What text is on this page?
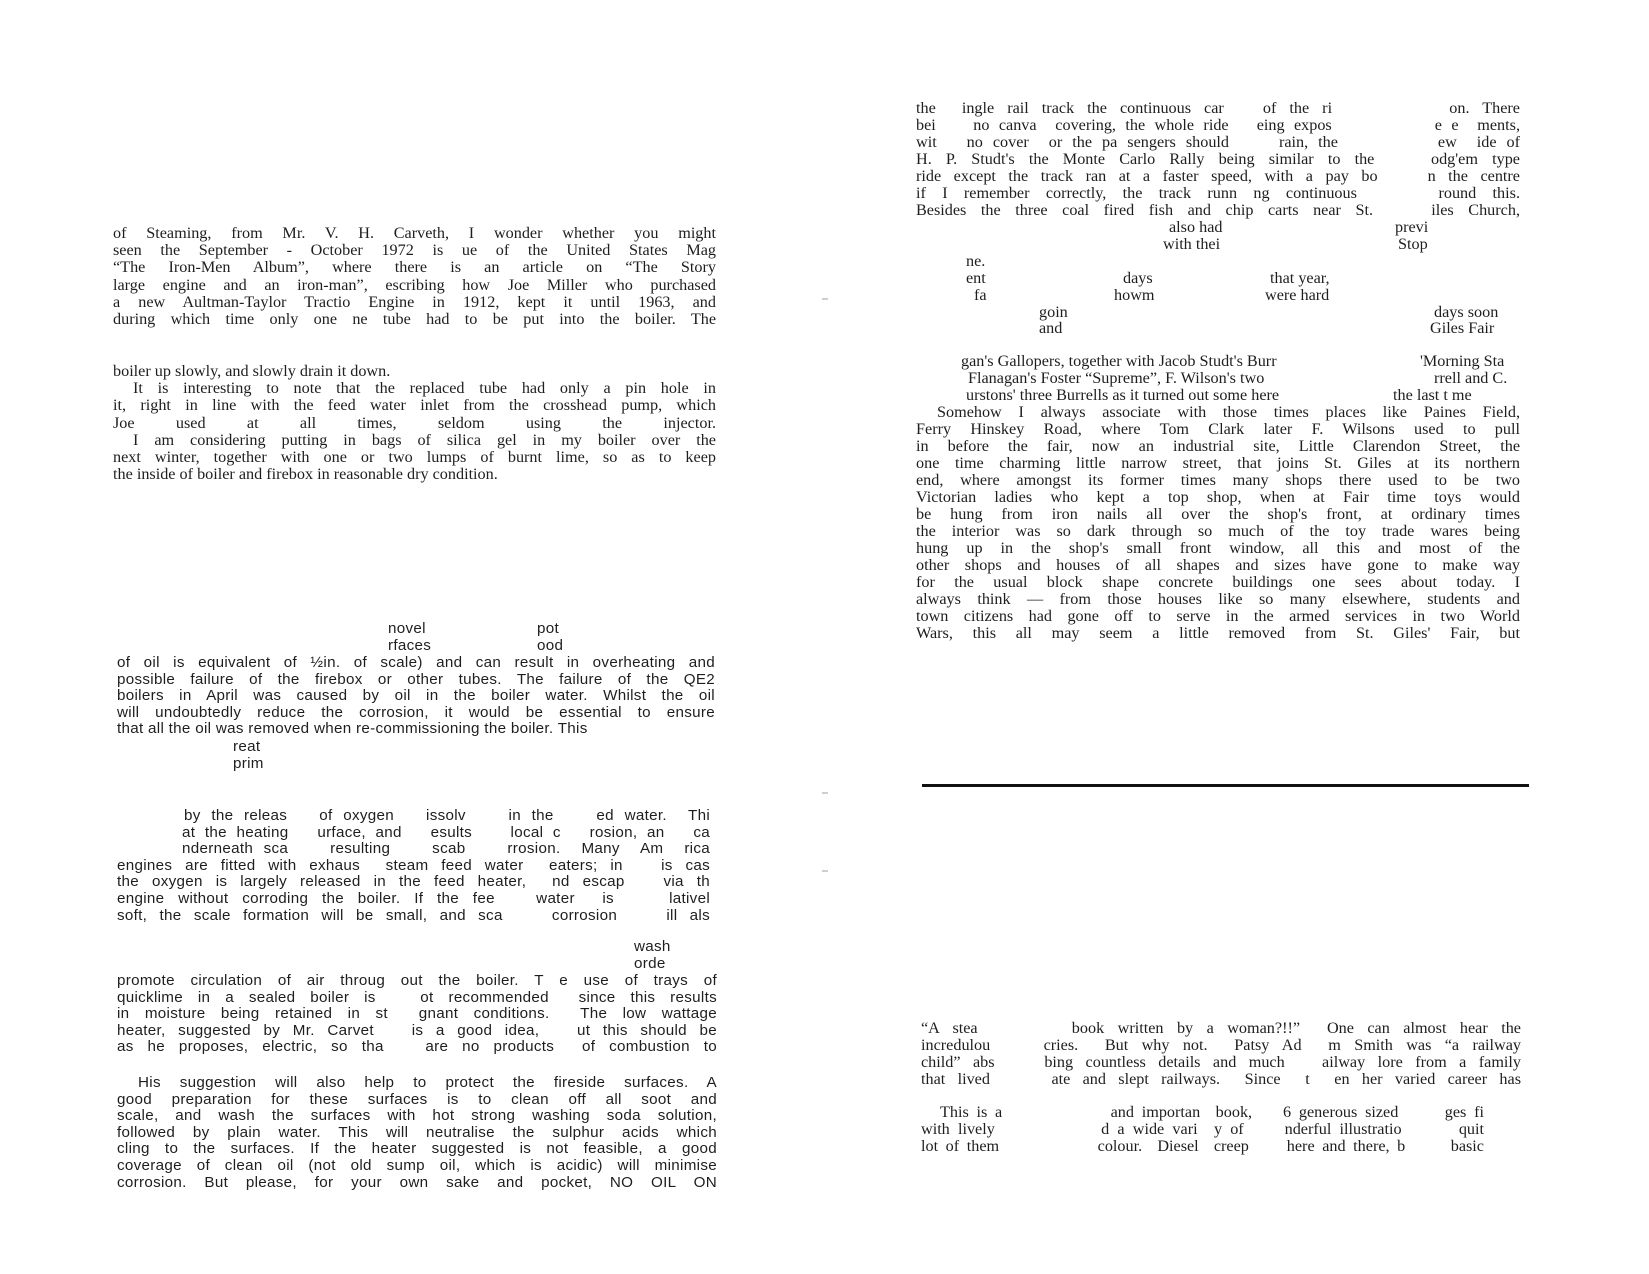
of Steaming, from Mr. V. H. Carveth, I wonder whether you might
seen the September - October 1972 is ue of the United States Mag
“The Iron-Men Album”, where there is an article on “The Story
large engine and an iron-man”, escribing how Joe Miller who purchased
a new Aultman-Taylor Tractio Engine in 1912, kept it until 1963, and
during which time only one ne tube had to be put into the boiler. The
boiler up slowly, and slowly drain it down.
It is interesting to note that the replaced tube had only a pin hole in
it, right in line with the feed water inlet from the crosshead pump, which
Joe used at all times, seldom using the injector.
I am considering putting in bags of silica gel in my boiler over the
next winter, together with one or two lumps of burnt lime, so as to keep
the inside of boiler and firebox in reasonable dry condition.
novel	pot
rfaces	ood
of oil is equivalent of ½in. of scale) and can result in overheating and
possible failure of the firebox or other tubes. The failure of the QE2
boilers in April was caused by oil in the boiler water. Whilst the oil
will undoubtedly reduce the corrosion, it would be essential to ensure
that all the oil was removed when re-commissioning the boiler. This
reat
prim
by the releas   of oxygen   issolv    in the    ed water.  Thi
at the heating   urface, and   esults    local c   rosion, an   ca
nderneath sca    resulting    scab    rrosion.  Many  Am  rica
engines are fitted with exhaus  steam feed water  eaters; in   is cas
the oxygen is largely released in the feed heater,  nd escap   via th
engine without corroding the boiler. If the fee   water  is    lativel
soft, the scale formation will be small, and sca    corrosion    ill als
wash
orde
promote circulation of air throug out the boiler. T e use of trays of
quicklime in a sealed boiler is   ot recommended  since this results
in moisture being retained in st  gnant conditions.  The low wattage
heater, suggested by Mr. Carvet   is a good idea,   ut this should be
as he proposes, electric, so tha   are no products  of combustion to
His suggestion will also help to protect the fireside surfaces. A
good preparation for these surfaces is to clean off all soot and
scale, and wash the surfaces with hot strong washing soda solution,
followed by plain water. This will neutralise the sulphur acids which
cling to the surfaces. If the heater suggested is not feasible, a good
coverage of clean oil (not old sump oil, which is acidic) will minimise
corrosion. But please, for your own sake and pocket, NO OIL ON
the  ingle rail track the continuous car   of the ri         on. There
bei    no canva  covering, the whole ride   eing expos           e e  ments,
wit   no cover  or the pa sengers should     rain, the          ew  ide of
H. P. Studt's the Monte Carlo Rally being similar to the    odg'em type
ride except the track ran at a faster speed, with a pay bo    n the centre
if I remember correctly, the track runn ng continuous     round this.
Besides the three coal fired fish and chip carts near St.    iles Church,
also had	previ
with thei	Stop
ne.
ent	days	that year,
fa	howm	were hard
goin	days soon
and	Giles Fair
gan's Gallopers, together with Jacob Studt's Burr	'Morning Sta
Flanagan's Foster “Supreme”, F. Wilson's two	rrell and C.
urstons' three Burrells as it turned out some here	the last t me
Somehow I always associate with those times places like Paines Field,
Ferry Hinskey Road, where Tom Clark later F. Wilsons used to pull
in before the fair, now an industrial site, Little Clarendon Street, the
one time charming little narrow street, that joins St. Giles at its northern
end, where amongst its former times many shops there used to be two
Victorian ladies who kept a top shop, when at Fair time toys would
be hung from iron nails all over the shop's front, at ordinary times
the interior was so dark through so much of the toy trade wares being
hung up in the shop's small front window, all this and most of the
other shops and houses of all shapes and sizes have gone to make way
for the usual block shape concrete buildings one sees about today. I
always think — from those houses like so many elsewhere, students and
town citizens had gone off to serve in the armed services in two World
Wars, this all may seem a little removed from St. Giles' Fair, but
“A stea       book written by a woman?!!”  One can almost hear the
incredulou    cries.  But why not.  Patsy Ad  m Smith was “a railway
child” abs    bing countless details and much   ailway lore from a family
that lived     ate and slept railways.  Since  t  en her varied career has
This is a              and importan  book,    6 generous sized      ges fi
with lively             d a wide vari  y of     nderful illustratio       quit
lot of them             colour.  Diesel  creep     here and there, b      basic
